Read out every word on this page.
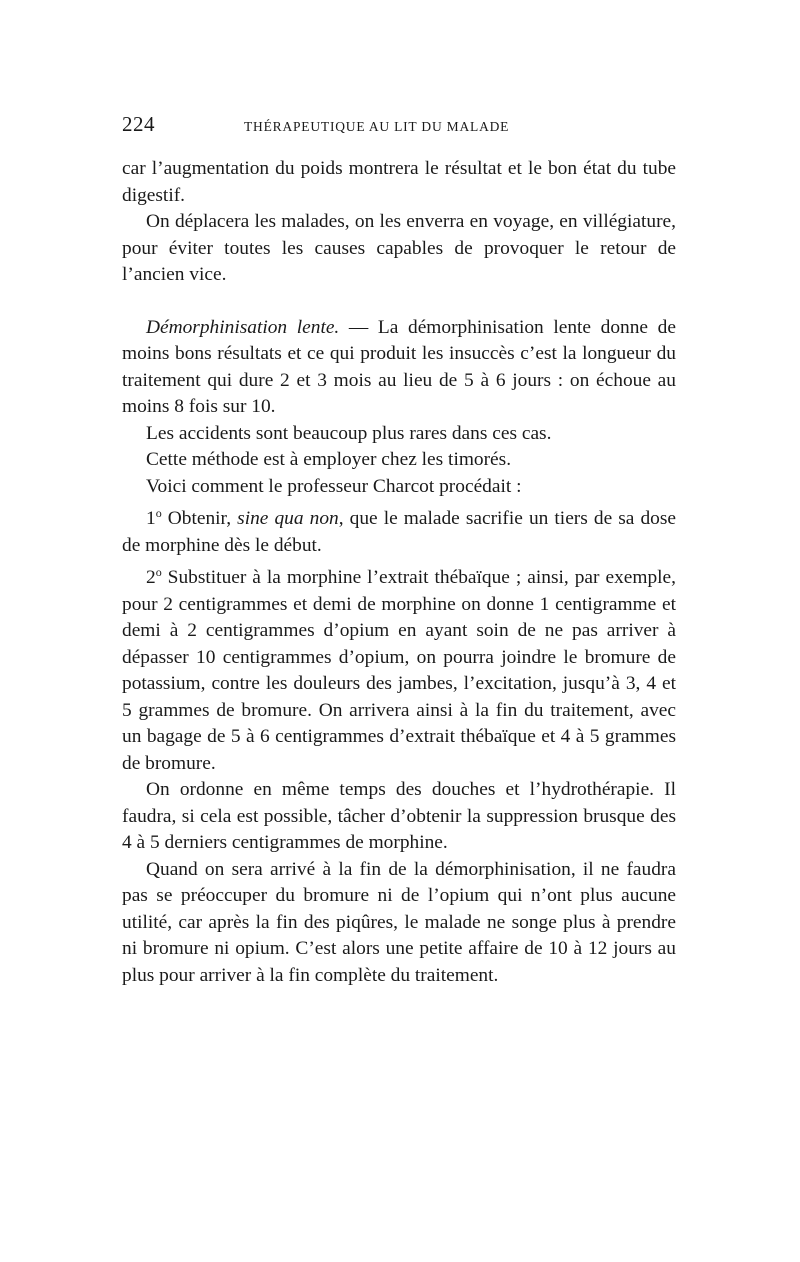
224	THÉRAPEUTIQUE AU LIT DU MALADE

car l’augmentation du poids montrera le résultat et le bon état du tube digestif.

On déplacera les malades, on les enverra en voyage, en villégiature, pour éviter toutes les causes capables de provoquer le retour de l’ancien vice.

Démorphinisation lente. — La démorphinisation lente donne de moins bons résultats et ce qui produit les insuccès c’est la longueur du traitement qui dure 2 et 3 mois au lieu de 5 à 6 jours : on échoue au moins 8 fois sur 10.

Les accidents sont beaucoup plus rares dans ces cas.

Cette méthode est à employer chez les timorés.

Voici comment le professeur Charcot procédait :

1$^o$ Obtenir, sine qua non, que le malade sacrifie un tiers de sa dose de morphine dès le début.

2$^o$ Substituer à la morphine l’extrait thébaïque ; ainsi, par exemple, pour 2 centigrammes et demi de morphine on donne 1 centigramme et demi à 2 centigrammes d’opium en ayant soin de ne pas arriver à dépasser 10 centigrammes d’opium, on pourra joindre le bromure de potassium, contre les douleurs des jambes, l’excitation, jusqu’à 3, 4 et 5 grammes de bromure. On arrivera ainsi à la fin du traitement, avec un bagage de 5 à 6 centigrammes d’extrait thébaïque et 4 à 5 grammes de bromure.

On ordonne en même temps des douches et l’hydrothérapie. Il faudra, si cela est possible, tâcher d’obtenir la suppression brusque des 4 à 5 derniers centigrammes de morphine.

Quand on sera arrivé à la fin de la démorphinisation, il ne faudra pas se préoccuper du bromure ni de l’opium qui n’ont plus aucune utilité, car après la fin des piqûres, le malade ne songe plus à prendre ni bromure ni opium. C’est alors une petite affaire de 10 à 12 jours au plus pour arriver à la fin complète du traitement.
